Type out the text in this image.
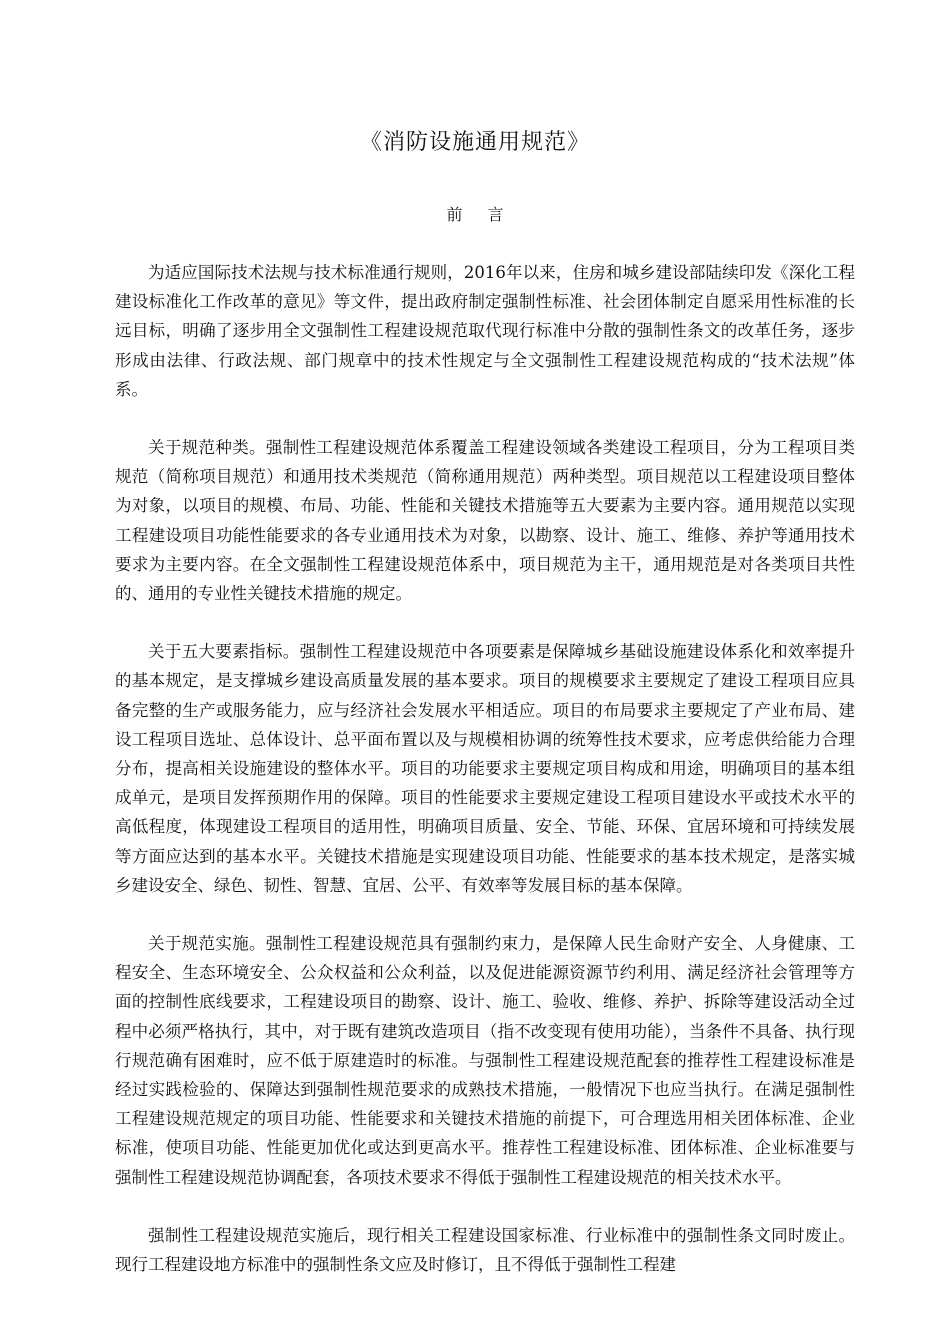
《消防设施通用规范》
前 言

为适应国际技术法规与技术标准通行规则，2016年以来，住房和城乡建设部陆续印发《深化工程建设标准化工作改革的意见》等文件，提出政府制定强制性标准、社会团体制定自愿采用性标准的长远目标，明确了逐步用全文强制性工程建设规范取代现行标准中分散的强制性条文的改革任务，逐步形成由法律、行政法规、部门规章中的技术性规定与全文强制性工程建设规范构成的“技术法规”体系。

关于规范种类。强制性工程建设规范体系覆盖工程建设领域各类建设工程项目，分为工程项目类规范（简称项目规范）和通用技术类规范（简称通用规范）两种类型。项目规范以工程建设项目整体为对象，以项目的规模、布局、功能、性能和关键技术措施等五大要素为主要内容。通用规范以实现工程建设项目功能性能要求的各专业通用技术为对象，以勘察、设计、施工、维修、养护等通用技术要求为主要内容。在全文强制性工程建设规范体系中，项目规范为主干，通用规范是对各类项目共性的、通用的专业性关键技术措施的规定。

关于五大要素指标。强制性工程建设规范中各项要素是保障城乡基础设施建设体系化和效率提升的基本规定，是支撑城乡建设高质量发展的基本要求。项目的规模要求主要规定了建设工程项目应具备完整的生产或服务能力，应与经济社会发展水平相适应。项目的布局要求主要规定了产业布局、建设工程项目选址、总体设计、总平面布置以及与规模相协调的统筹性技术要求，应考虑供给能力合理分布，提高相关设施建设的整体水平。项目的功能要求主要规定项目构成和用途，明确项目的基本组成单元，是项目发挥预期作用的保障。项目的性能要求主要规定建设工程项目建设水平或技术水平的高低程度，体现建设工程项目的适用性，明确项目质量、安全、节能、环保、宜居环境和可持续发展等方面应达到的基本水平。关键技术措施是实现建设项目功能、性能要求的基本技术规定，是落实城乡建设安全、绿色、韧性、智慧、宜居、公平、有效率等发展目标的基本保障。

关于规范实施。强制性工程建设规范具有强制约束力，是保障人民生命财产安全、人身健康、工程安全、生态环境安全、公众权益和公众利益，以及促进能源资源节约利用、满足经济社会管理等方面的控制性底线要求，工程建设项目的勘察、设计、施工、验收、维修、养护、拆除等建设活动全过程中必须严格执行，其中，对于既有建筑改造项目（指不改变现有使用功能），当条件不具备、执行现行规范确有困难时，应不低于原建造时的标准。与强制性工程建设规范配套的推荐性工程建设标准是经过实践检验的、保障达到强制性规范要求的成熟技术措施，一般情况下也应当执行。在满足强制性工程建设规范规定的项目功能、性能要求和关键技术措施的前提下，可合理选用相关团体标准、企业标准，使项目功能、性能更加优化或达到更高水平。推荐性工程建设标准、团体标准、企业标准要与强制性工程建设规范协调配套，各项技术要求不得低于强制性工程建设规范的相关技术水平。

强制性工程建设规范实施后，现行相关工程建设国家标准、行业标准中的强制性条文同时废止。现行工程建设地方标准中的强制性条文应及时修订，且不得低于强制性工程建
